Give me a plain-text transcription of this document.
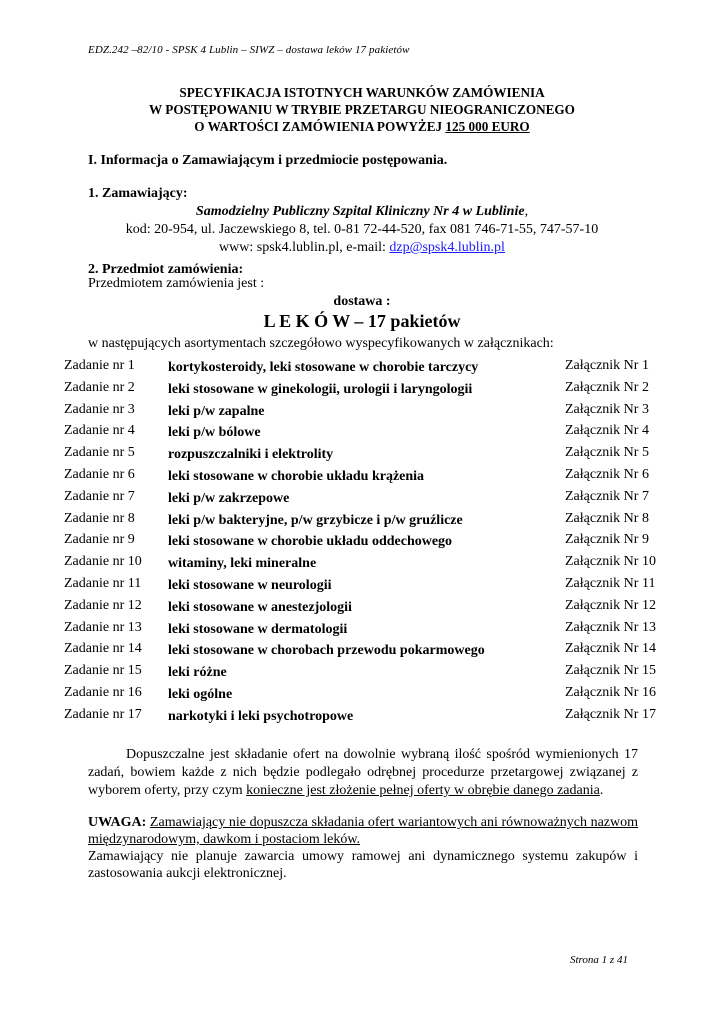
EDZ.242 –82/10 - SPSK 4 Lublin – SIWZ – dostawa leków 17 pakietów
SPECYFIKACJA ISTOTNYCH WARUNKÓW ZAMÓWIENIA
W POSTĘPOWANIU W TRYBIE PRZETARGU NIEOGRANICZONEGO
O WARTOŚCI ZAMÓWIENIA POWYŻEJ 125 000 EURO
I. Informacja o Zamawiającym i przedmiocie postępowania.
1. Zamawiający:
Samodzielny Publiczny Szpital Kliniczny Nr 4 w Lublinie,
kod: 20-954, ul. Jaczewskiego 8, tel. 0-81 72-44-520, fax 081 746-71-55, 747-57-10
www: spsk4.lublin.pl, e-mail: dzp@spsk4.lublin.pl
2. Przedmiot zamówienia:
Przedmiotem zamówienia jest :
dostawa :
L E K Ó W – 17 pakietów
w następujących asortymentach szczegółowo wyspecyfikowanych w załącznikach:
Zadanie nr 1 kortykosteroidy, leki stosowane w chorobie tarczycy	Załącznik Nr 1
Zadanie nr 2 leki stosowane w ginekologii, urologii i laryngologii	Załącznik Nr 2
Zadanie nr 3 leki p/w zapalne	Załącznik Nr 3
Zadanie nr 4 leki p/w bólowe	Załącznik Nr 4
Zadanie nr 5 rozpuszczalniki i elektrolity	Załącznik Nr 5
Zadanie nr 6 leki stosowane w chorobie układu krążenia	Załącznik Nr 6
Zadanie nr 7 leki p/w zakrzepowe	Załącznik Nr 7
Zadanie nr 8 leki p/w bakteryjne, p/w grzybicze i p/w gruźlicze	Załącznik Nr 8
Zadanie nr 9 leki stosowane w chorobie układu oddechowego	Załącznik Nr 9
Zadanie nr 10 witaminy, leki mineralne	Załącznik Nr 10
Zadanie nr 11 leki stosowane w neurologii	Załącznik Nr 11
Zadanie nr 12 leki stosowane w anestezjologii	Załącznik Nr 12
Zadanie nr 13 leki stosowane w dermatologii	Załącznik Nr 13
Zadanie nr 14 leki stosowane w chorobach przewodu pokarmowego	Załącznik Nr 14
Zadanie nr 15 leki różne	Załącznik Nr 15
Zadanie nr 16 leki ogólne	Załącznik Nr 16
Zadanie nr 17 narkotyki i leki psychotropowe	Załącznik Nr 17
Dopuszczalne jest składanie ofert na dowolnie wybraną ilość spośród wymienionych 17 zadań, bowiem każde z nich będzie podlegało odrębnej procedurze przetargowej związanej z wyborem oferty, przy czym konieczne jest złożenie pełnej oferty w obrębie danego zadania.
UWAGA: Zamawiający nie dopuszcza składania ofert wariantowych ani równoważnych nazwom międzynarodowym, dawkom i postaciom leków.
Zamawiający nie planuje zawarcia umowy ramowej ani dynamicznego systemu zakupów i zastosowania aukcji elektronicznej.
Strona 1 z 41
